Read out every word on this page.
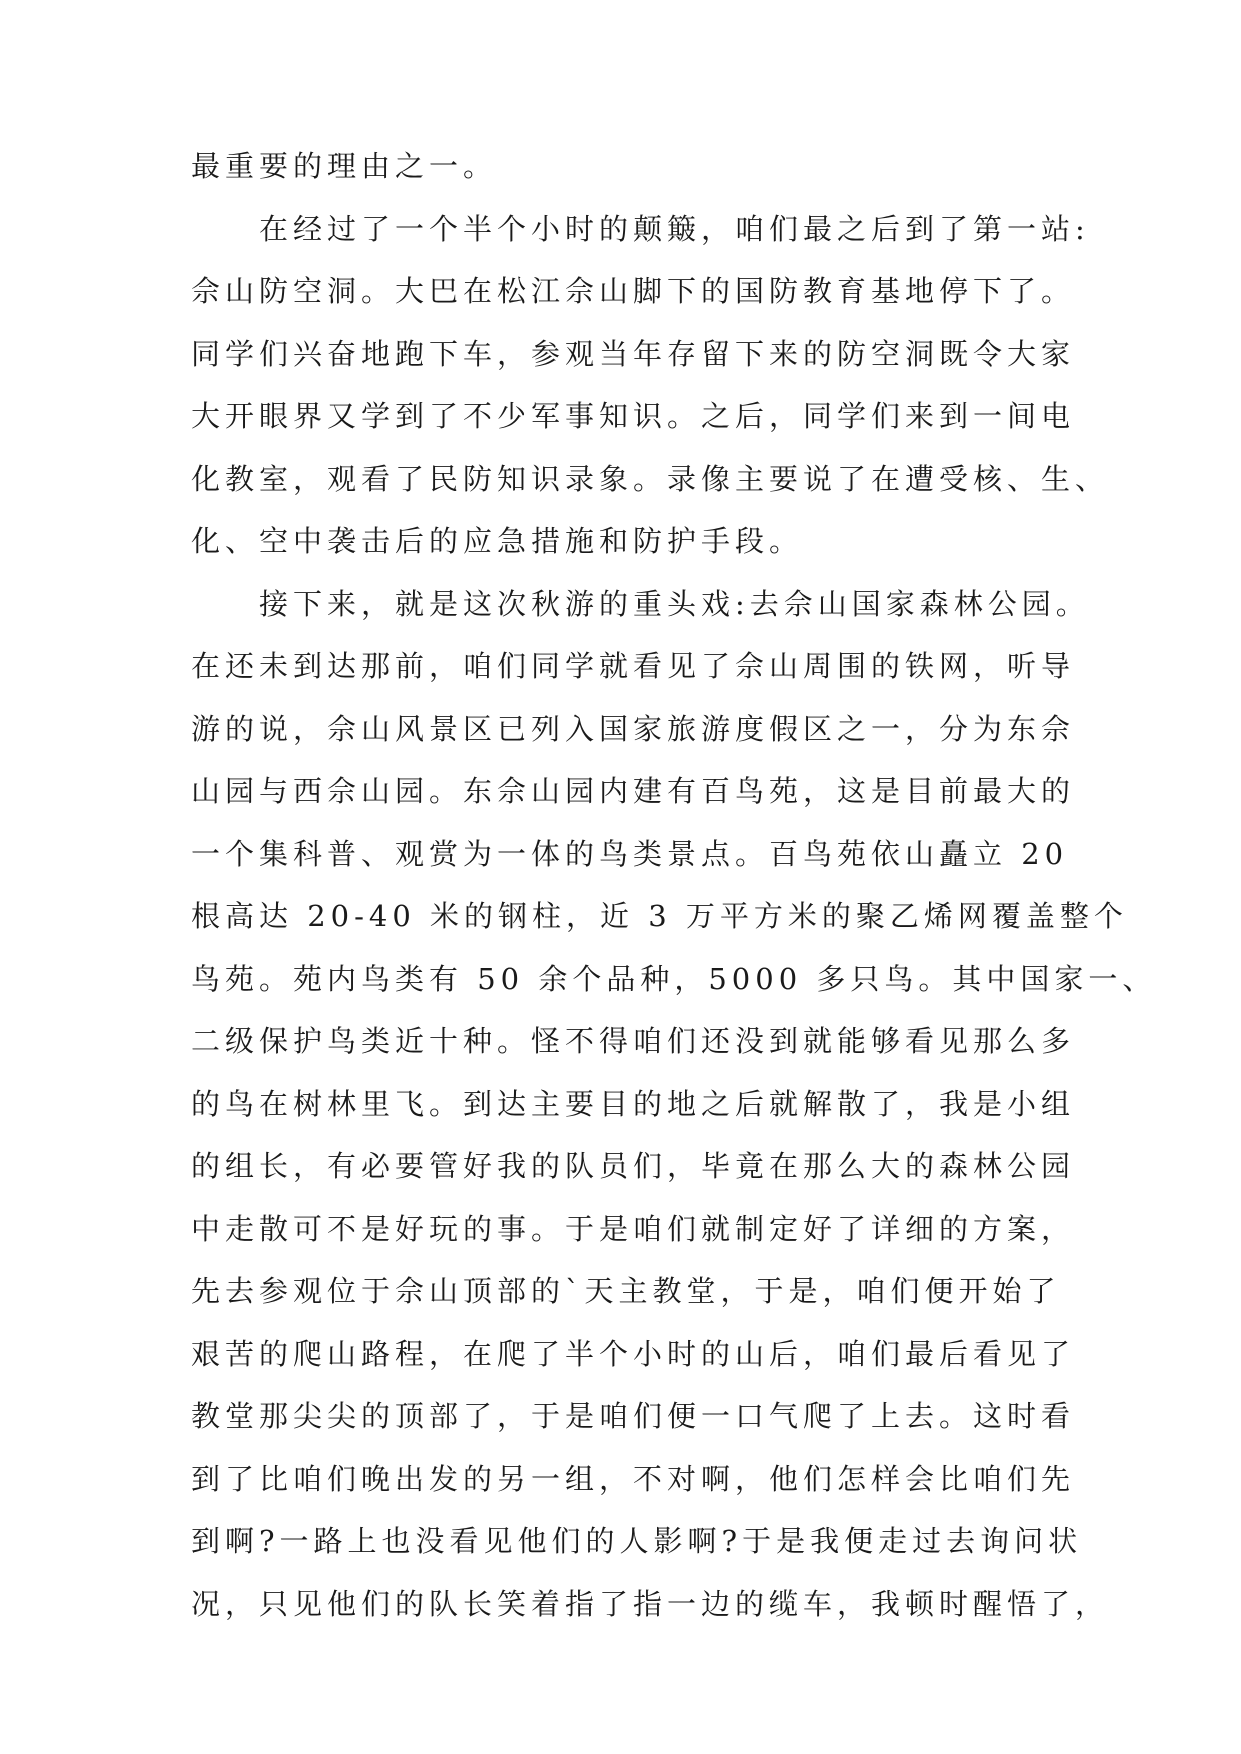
最重要的理由之一。
在经过了一个半个小时的颠簸，咱们最之后到了第一站:
佘山防空洞。大巴在松江佘山脚下的国防教育基地停下了。
同学们兴奋地跑下车，参观当年存留下来的防空洞既令大家
大开眼界又学到了不少军事知识。之后，同学们来到一间电
化教室，观看了民防知识录象。录像主要说了在遭受核、生、
化、空中袭击后的应急措施和防护手段。
接下来，就是这次秋游的重头戏:去佘山国家森林公园。
在还未到达那前，咱们同学就看见了佘山周围的铁网，听导
游的说，佘山风景区已列入国家旅游度假区之一，分为东佘
山园与西佘山园。东佘山园内建有百鸟苑，这是目前最大的
一个集科普、观赏为一体的鸟类景点。百鸟苑依山矗立 20
根高达 20-40 米的钢柱，近 3 万平方米的聚乙烯网覆盖整个
鸟苑。苑内鸟类有 50 余个品种，5000 多只鸟。其中国家一、
二级保护鸟类近十种。怪不得咱们还没到就能够看见那么多
的鸟在树林里飞。到达主要目的地之后就解散了，我是小组
的组长，有必要管好我的队员们，毕竟在那么大的森林公园
中走散可不是好玩的事。于是咱们就制定好了详细的方案，
先去参观位于佘山顶部的`天主教堂，于是，咱们便开始了
艰苦的爬山路程，在爬了半个小时的山后，咱们最后看见了
教堂那尖尖的顶部了，于是咱们便一口气爬了上去。这时看
到了比咱们晚出发的另一组，不对啊，他们怎样会比咱们先
到啊?一路上也没看见他们的人影啊?于是我便走过去询问状
况，只见他们的队长笑着指了指一边的缆车，我顿时醒悟了，
